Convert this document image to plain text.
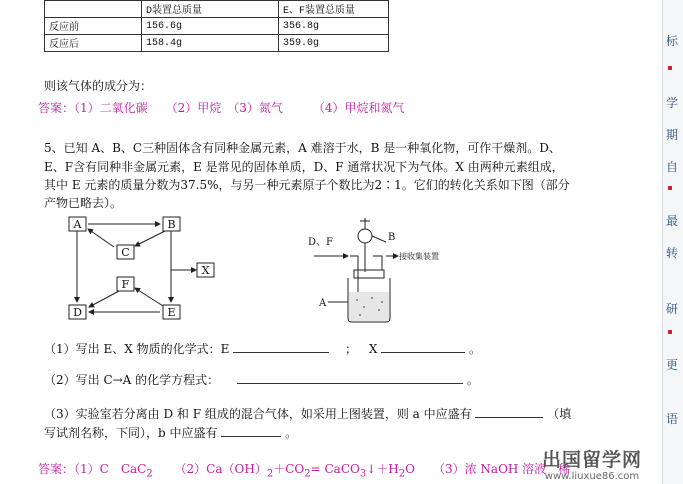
	D装置总质量	E、F装置总质量
反应前	156.6g	356.8g
反应后	158.4g	359.0g
则该气体的成分为：
答案：（1）二氧化碳　　（2）甲烷　（3）氮气　　　（4）甲烷和氮气
5、已知 A、B、C三种固体含有同种金属元素，A 难溶于水，B 是一种氧化物，可作干燥剂。D、
E、F含有同种非金属元素，E 是常见的固体单质，D、F 通常状况下为气体。X 由两种元素组成，
其中 E 元素的质量分数为37.5%，与另一种元素原子个数比为2∶1。它们的转化关系如下图（部分
产物已略去）。
A	B
C
X
F
D	E
D、F	B
A
接收集装置
（1）写出 E、X 物质的化学式：E	； X	。
（2）写出 C→A 的化学方程式：	。
（3）实验室若分离由 D 和 F 组成的混合气体，如采用上图装置，则 a 中应盛有	（填
写试剂名称，下同），b 中应盛有	。
答案：（1）C　CaC$_2$ $(2)Ca(OH)_2+CO_2=$ $CaCO_3↓+H_2O$　　（3）浓 NaOH 溶液　稀
出国留学网
www.liuxue86.com
标
学
期
自
最
转
研
更
语
